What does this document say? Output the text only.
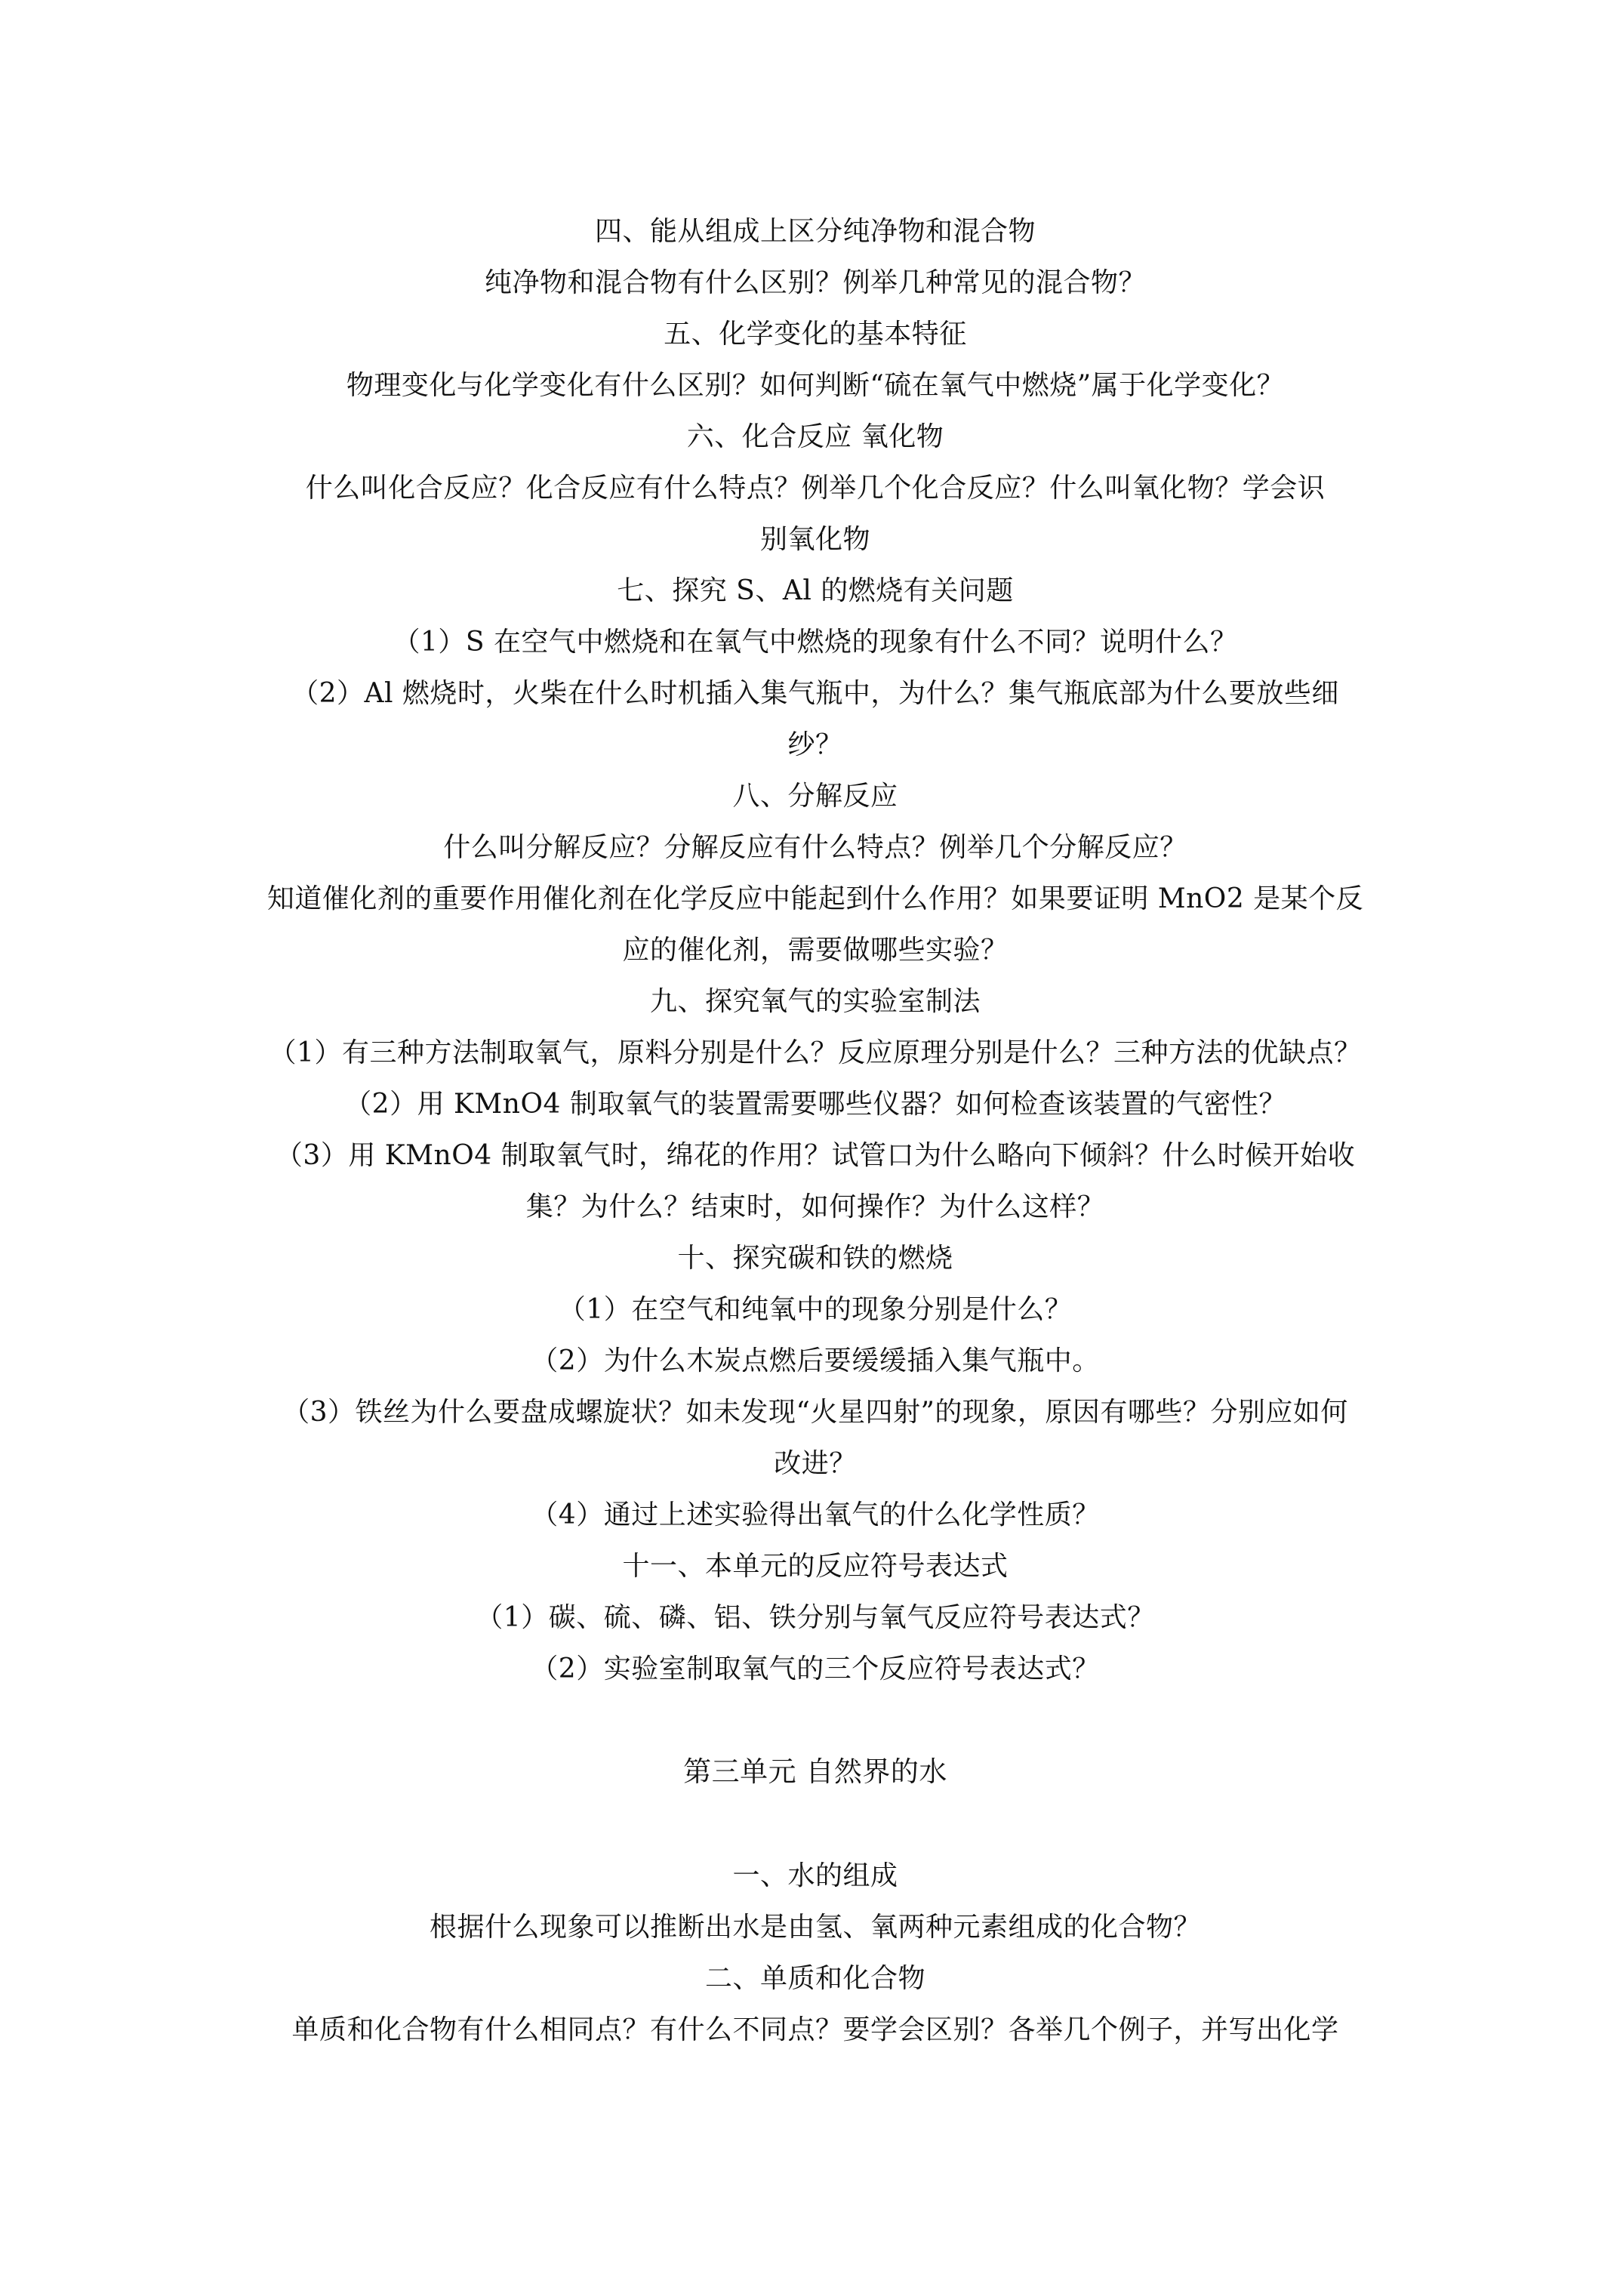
四、能从组成上区分纯净物和混合物
纯净物和混合物有什么区别？例举几种常见的混合物？
五、化学变化的基本特征
物理变化与化学变化有什么区别？如何判断“硫在氧气中燃烧”属于化学变化？
六、化合反应 氧化物
什么叫化合反应？化合反应有什么特点？例举几个化合反应？什么叫氧化物？学会识
别氧化物
七、探究 S、Al 的燃烧有关问题
（1）S 在空气中燃烧和在氧气中燃烧的现象有什么不同？说明什么？
（2）Al 燃烧时，火柴在什么时机插入集气瓶中，为什么？集气瓶底部为什么要放些细
纱？
八、分解反应
什么叫分解反应？分解反应有什么特点？例举几个分解反应？
知道催化剂的重要作用催化剂在化学反应中能起到什么作用？如果要证明 MnO2 是某个反
应的催化剂，需要做哪些实验？
九、探究氧气的实验室制法
（1）有三种方法制取氧气，原料分别是什么？反应原理分别是什么？三种方法的优缺点？
（2）用 KMnO4 制取氧气的装置需要哪些仪器？如何检查该装置的气密性？
（3）用 KMnO4 制取氧气时，绵花的作用？试管口为什么略向下倾斜？什么时候开始收
集？为什么？结束时，如何操作？为什么这样？
十、探究碳和铁的燃烧
（1）在空气和纯氧中的现象分别是什么？
（2）为什么木炭点燃后要缓缓插入集气瓶中。
（3）铁丝为什么要盘成螺旋状？如未发现“火星四射”的现象，原因有哪些？分别应如何
改进？
（4）通过上述实验得出氧气的什么化学性质？
十一、本单元的反应符号表达式
（1）碳、硫、磷、铝、铁分别与氧气反应符号表达式？
（2）实验室制取氧气的三个反应符号表达式？
第三单元 自然界的水
一、水的组成
根据什么现象可以推断出水是由氢、氧两种元素组成的化合物？
二、单质和化合物
单质和化合物有什么相同点？有什么不同点？要学会区别？各举几个例子，并写出化学
